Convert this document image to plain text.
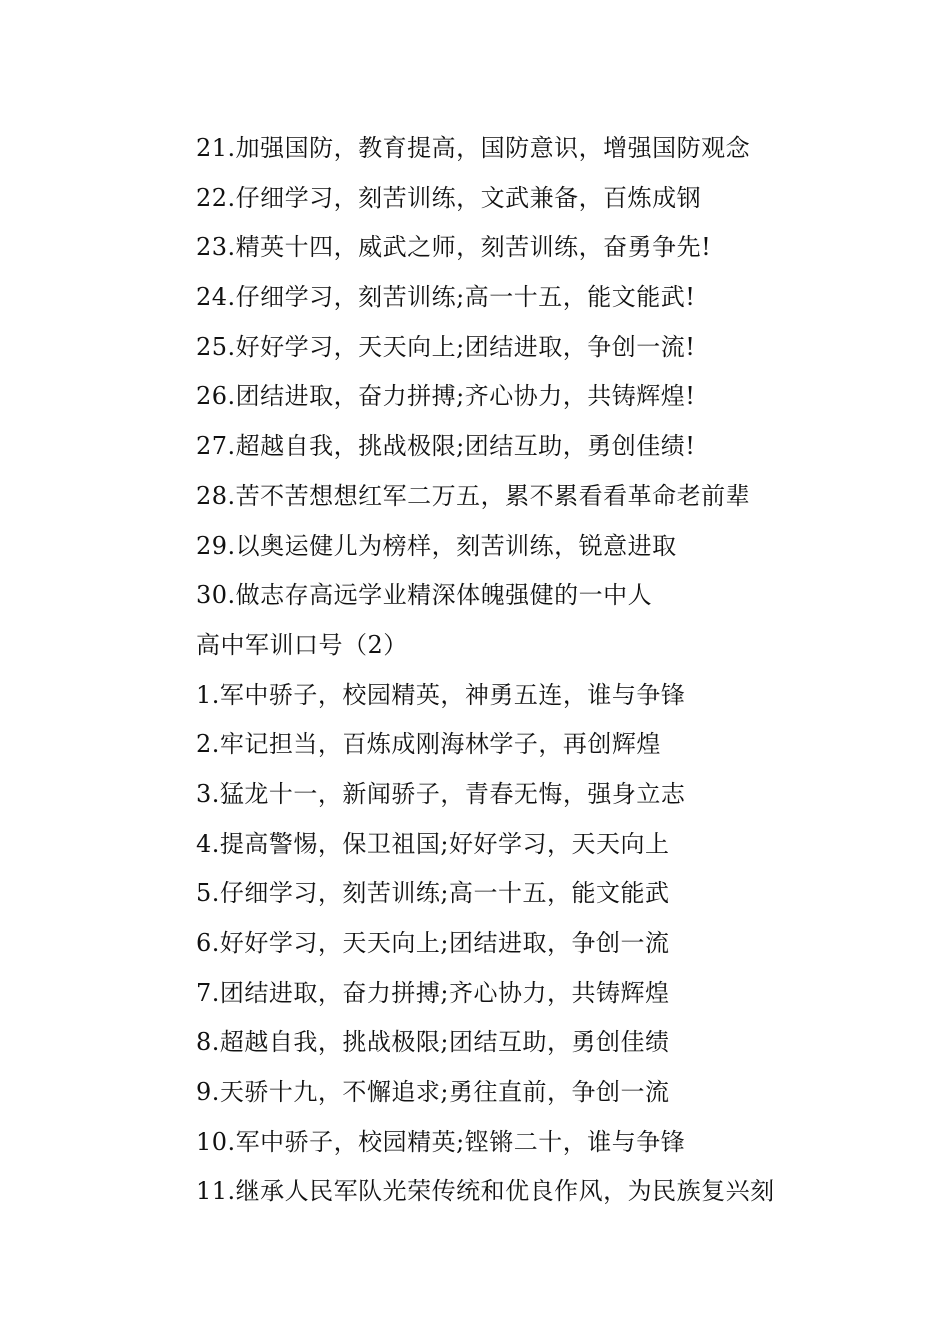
21.加强国防，教育提高，国防意识，增强国防观念
22.仔细学习，刻苦训练，文武兼备，百炼成钢
23.精英十四，威武之师，刻苦训练，奋勇争先!
24.仔细学习，刻苦训练;高一十五，能文能武!
25.好好学习，天天向上;团结进取，争创一流!
26.团结进取，奋力拼搏;齐心协力，共铸辉煌!
27.超越自我，挑战极限;团结互助，勇创佳绩!
28.苦不苦想想红军二万五，累不累看看革命老前辈
29.以奥运健儿为榜样，刻苦训练，锐意进取
30.做志存高远学业精深体魄强健的一中人
高中军训口号（2）
1.军中骄子，校园精英，神勇五连，谁与争锋
2.牢记担当，百炼成刚海林学子，再创辉煌
3.猛龙十一，新闻骄子，青春无悔，强身立志
4.提高警惕，保卫祖国;好好学习，天天向上
5.仔细学习，刻苦训练;高一十五，能文能武
6.好好学习，天天向上;团结进取，争创一流
7.团结进取，奋力拼搏;齐心协力，共铸辉煌
8.超越自我，挑战极限;团结互助，勇创佳绩
9.天骄十九，不懈追求;勇往直前，争创一流
10.军中骄子，校园精英;铿锵二十，谁与争锋
11.继承人民军队光荣传统和优良作风，为民族复兴刻
